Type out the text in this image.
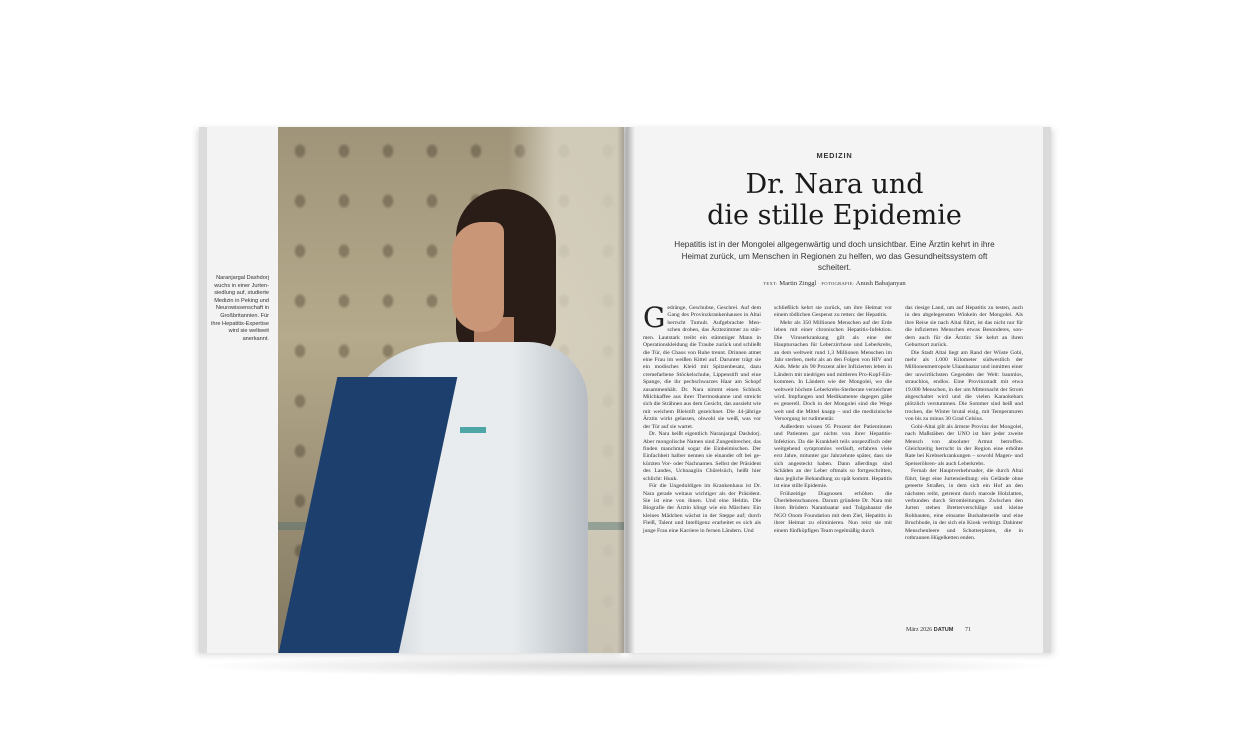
Naranjargal Dashdorj wuchs in einer Jurtensiedlung auf, studierte Medizin in Peking und Neurowissenschaft in Großbritannien. Für ihre Hepatitis-Expertise wird sie weltweit anerkannt.
MEDIZIN
Dr. Nara und
die stille Epidemie
Hepatitis ist in der Mongolei allgegenwärtig und doch unsichtbar. Eine Ärztin kehrt in ihre Heimat zurück, um Menschen in Regionen zu helfen, wo das Gesundheitssystem oft scheitert.
TEXT: Martin Zinggl · FOTOGRAFIE: Anush Babajanyan

Gedränge, Geschubse, Geschrei. Auf dem Gang des Provinzkrankenhauses in Altai herrscht Tumult. Aufgebrachte Menschen drohen, das Ärztezimmer zu stürmen. Lautstark treibt ein stämmiger Mann in Operationskleidung die Traube zurück und schließt die Tür, die Chaos von Ruhe trennt. Drinnen atmet eine Frau im weißen Kittel auf. Darunter trägt sie ein modisches Kleid mit Spitzenbesatz, dazu cremefarbene Stöckelschuhe, Lippenstift und eine Spange, die ihr pechschwarzes Haar am Schopf zusammenhält. Dr. Nara nimmt einen Schluck Milchkaffee aus ihrer Thermoskanne und streicht sich die Strähnen aus dem Gesicht, das aussieht wie mit weichem Bleistift gezeichnet. Die 44-jährige Ärztin wirkt gelassen, obwohl sie weiß, was vor der Tür auf sie wartet.

Dr. Nara heißt eigentlich Naranjargal Dashdorj. Aber mongolische Namen sind Zungenbrecher, das finden manchmal sogar die Einheimischen. Der Einfachheit halber nennen sie einander oft bei gekürzten Vor- oder Nachnamen. Selbst der Präsident des Landes, Uchnaagiin Chürelsüch, heißt hier schlicht: Huuk.

Für die Ungeduldigen im Krankenhaus ist Dr. Nara gerade weitaus wichtiger als der Präsident. Sie ist eine von ihnen. Und eine Heldin. Die Biografie der Ärztin klingt wie ein Märchen: Ein kleines Mädchen wächst in der Steppe auf; durch Fleiß, Talent und Intelligenz erarbeitet es sich als junge Frau eine Karriere in fernen Ländern. Und

schließlich kehrt sie zurück, um ihre Heimat vor einem tödlichen Gespenst zu retten: der Hepatitis.

Mehr als 350 Millionen Menschen auf der Erde leben mit einer chronischen Hepatitis-Infektion. Die Viruserkrankung gilt als eine der Hauptursachen für Leberzirrhose und Leberkrebs, an dem weltweit rund 1,3 Millionen Menschen im Jahr sterben, mehr als an den Folgen von HIV und Aids. Mehr als 90 Prozent aller Infizierten leben in Ländern mit niedrigen und mittleren Pro-Kopf-Einkommen. In Ländern wie der Mongolei, wo die weltweit höchste Leberkrebs-Sterberate verzeichnet wird. Impfungen und Medikamente dagegen gäbe es generell. Doch in der Mongolei sind die Wege weit und die Mittel knapp – und die medizinische Versorgung ist rudimentär.

Außerdem wissen 95 Prozent der Patientinnen und Patienten gar nichts von ihrer Hepatitis-Infektion. Da die Krankheit teils unspezifisch oder weitgehend symptomlos verläuft, erfahren viele erst Jahre, mitunter gar Jahrzehnte später, dass sie sich angesteckt haben. Dann allerdings sind Schäden an der Leber oftmals so fortgeschritten, dass jegliche Behandlung zu spät kommt. Hepatitis ist eine stille Epidemie.

Frühzeitige Diagnosen erhöhen die Überlebenschancen. Darum gründete Dr. Nara mit ihren Brüdern Naranbaatar und Tulgabaatar die NGO Onom Foundation mit dem Ziel, Hepatitis in ihrer Heimat zu eliminieren. Nun reist sie mit einem fünfköpfigen Team regelmäßig durch

das riesige Land, um auf Hepatitis zu testen, auch in den abgelegensten Winkeln der Mongolei. Als ihre Reise sie nach Altai führt, ist das nicht nur für die infizierten Menschen etwas Besonderes, sondern auch für die Ärztin: Sie kehrt an ihren Geburtsort zurück.

Die Stadt Altai liegt am Rand der Wüste Gobi, mehr als 1.000 Kilometer südwestlich der Millionenmetropole Ulaanbaatar und inmitten einer der unwirtlichsten Gegenden der Welt: baumlos, strauchlos, endlos. Eine Provinzstadt mit etwa 19.000 Menschen, in der um Mitternacht der Strom abgeschaltet wird und die vielen Karaokebars plötzlich verstummen. Die Sommer sind heiß und trocken, die Winter brutal eisig, mit Temperaturen von bis zu minus 30 Grad Celsius.

Gobi-Altai gilt als ärmste Provinz der Mongolei, nach Maßstäben der UNO ist hier jeder zweite Mensch von absoluter Armut betroffen. Gleichzeitig herrscht in der Region eine erhöhte Rate bei Krebserkrankungen – sowohl Magen- und Speiseröhren- als auch Leberkrebs.

Fernab der Hauptverkehrsader, die durch Altai führt, liegt eine Jurtensiedlung: ein Gelände ohne geteerte Straßen, in dem sich ein Hof an den nächsten reiht, getrennt durch marode Holzlatten, verbunden durch Stromleitungen. Zwischen den Jurten stehen Bretterverschläge und kleine Rohbauten, eine einsame Bushaltestelle und eine Bruchbude, in der sich ein Kiosk verbirgt. Dahinter Menschenleere und Schotterpisten, die in rotbraunen Hügelketten enden.

März 2026 DATUM 71
